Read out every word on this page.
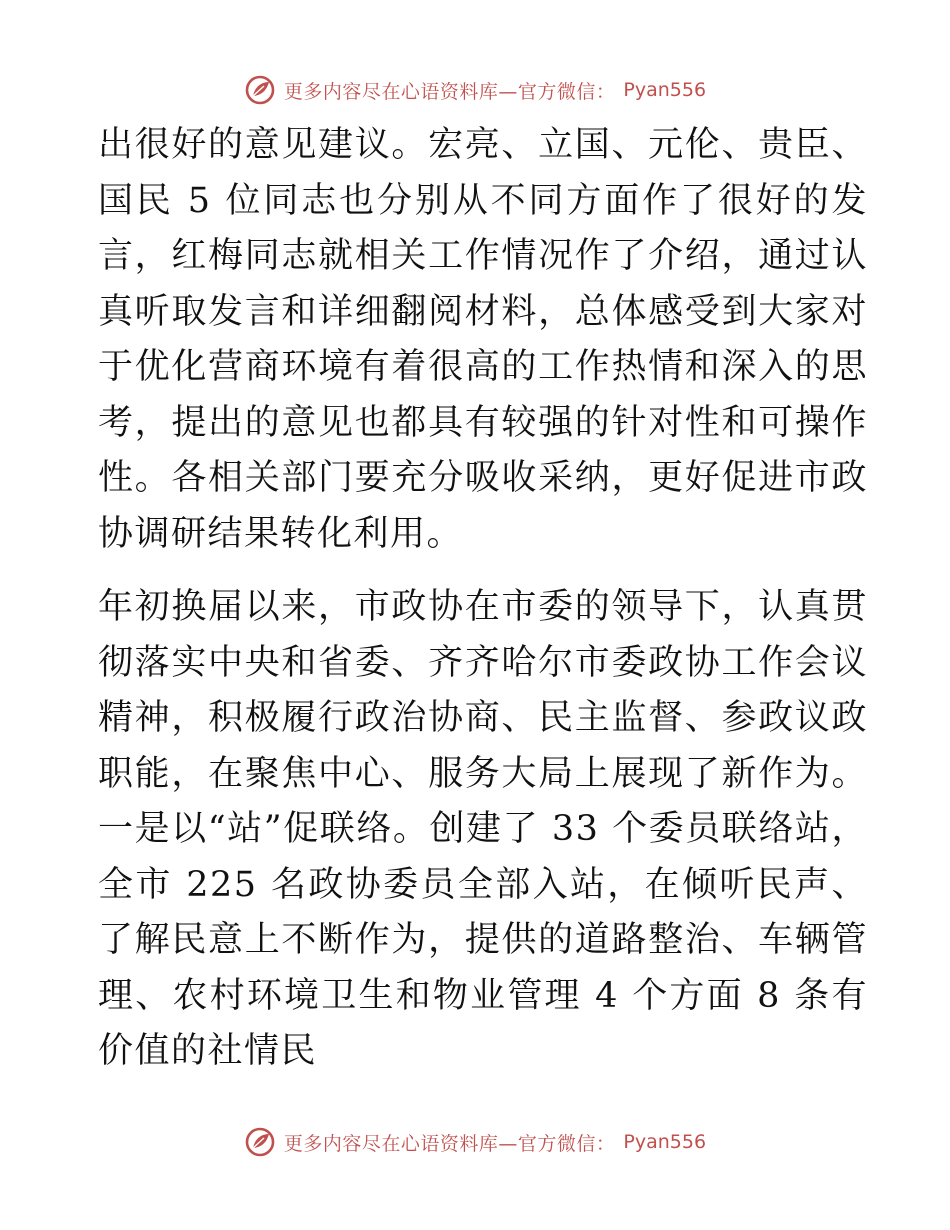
更多内容尽在心语资料库—官方微信： Pyan556

出很好的意见建议。宏亮、立国、元伦、贵臣、国民 5 位同志也分别从不同方面作了很好的发言，红梅同志就相关工作情况作了介绍，通过认真听取发言和详细翻阅材料，总体感受到大家对于优化营商环境有着很高的工作热情和深入的思考，提出的意见也都具有较强的针对性和可操作性。各相关部门要充分吸收采纳，更好促进市政协调研结果转化利用。

年初换届以来，市政协在市委的领导下，认真贯彻落实中央和省委、齐齐哈尔市委政协工作会议精神，积极履行政治协商、民主监督、参政议政职能，在聚焦中心、服务大局上展现了新作为。一是以“站”促联络。创建了 33 个委员联络站，全市 225 名政协委员全部入站，在倾听民声、了解民意上不断作为，提供的道路整治、车辆管理、农村环境卫生和物业管理 4 个方面 8 条有价值的社情民

更多内容尽在心语资料库—官方微信： Pyan556
